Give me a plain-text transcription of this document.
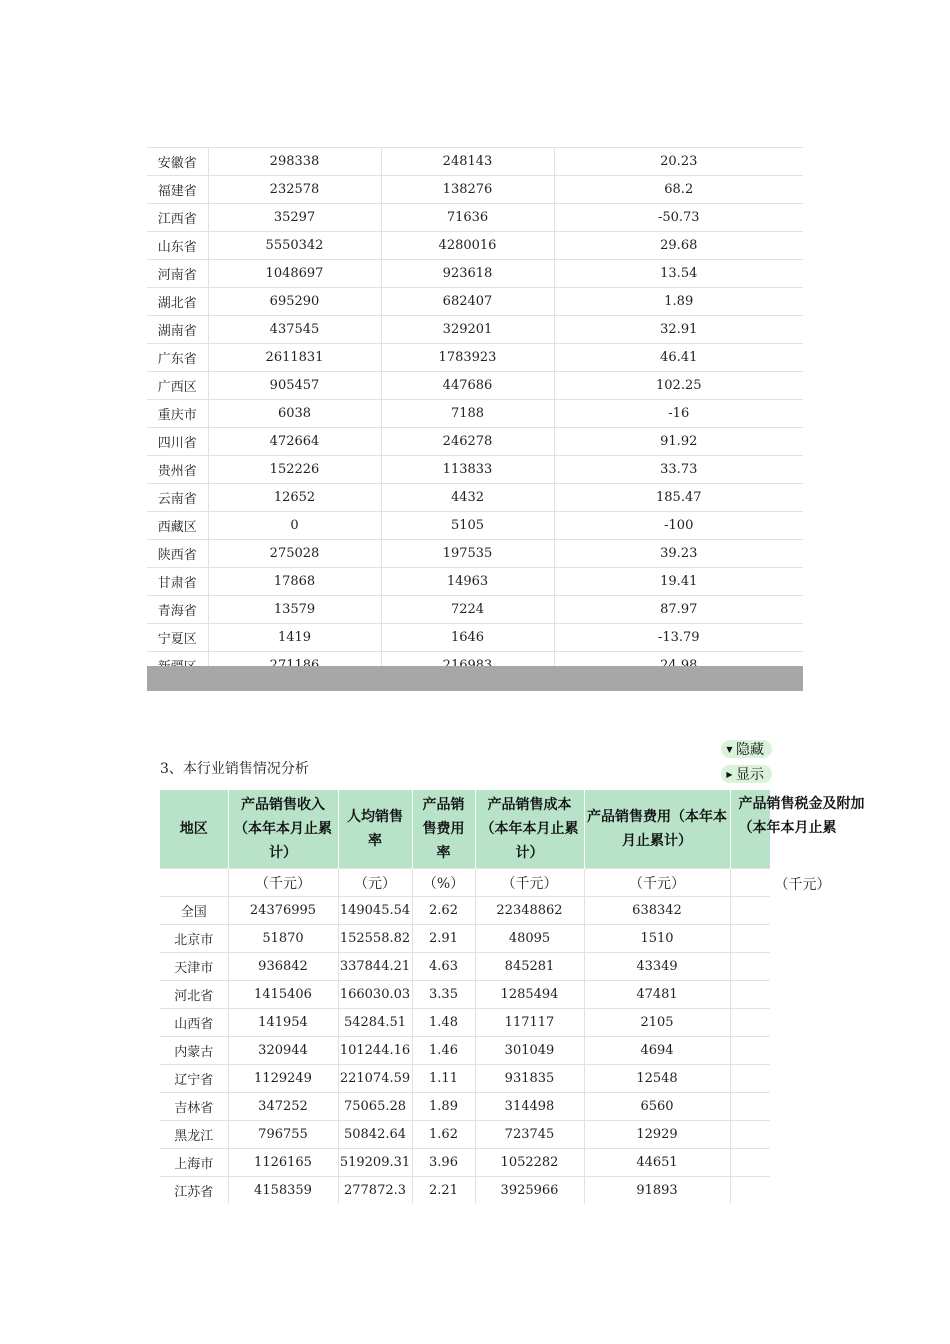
安徽省	298338	248143	20.23
福建省	232578	138276	68.2
江西省	35297	71636	-50.73
山东省	5550342	4280016	29.68
河南省	1048697	923618	13.54
湖北省	695290	682407	1.89
湖南省	437545	329201	32.91
广东省	2611831	1783923	46.41
广西区	905457	447686	102.25
重庆市	6038	7188	-16
四川省	472664	246278	91.92
贵州省	152226	113833	33.73
云南省	12652	4432	185.47
西藏区	0	5105	-100
陕西省	275028	197535	39.23
甘肃省	17868	14963	19.41
青海省	13579	7224	87.97
宁夏区	1419	1646	-13.79

3、本行业销售情况分析
▼ 隐藏
▶ 显示
地区	产品销售收入（本年本月止累计）	人均销售率	产品销售费用率	产品销售成本（本年本月止累计）	产品销售费用（本年本月止累计）	产品销售税金及附加（本年本月止累

	（千元）	（元）	（%）	（千元）	（千元）	（千元）

全国	24376995	149045.54	2.62	22348862	638342	
北京市	51870	152558.82	2.91	48095	1510	
天津市	936842	337844.21	4.63	845281	43349	
河北省	1415406	166030.03	3.35	1285494	47481	
山西省	141954	54284.51	1.48	117117	2105	
内蒙古	320944	101244.16	1.46	301049	4694	
辽宁省	1129249	221074.59	1.11	931835	12548	
吉林省	347252	75065.28	1.89	314498	6560	
黑龙江	796755	50842.64	1.62	723745	12929	
上海市	1126165	519209.31	3.96	1052282	44651	
江苏省	4158359	277872.3	2.21	3925966	91893	
